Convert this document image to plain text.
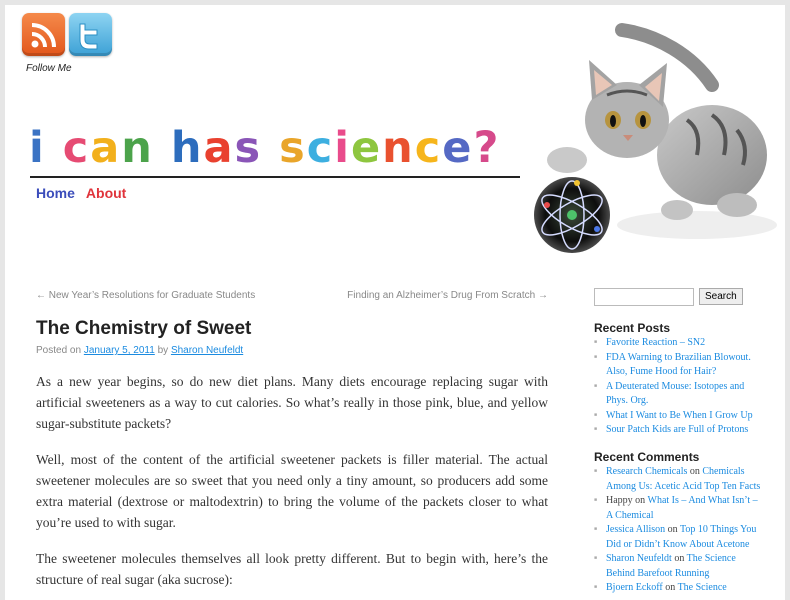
Follow Me
i
c a n
h a s
s c i e n c e ?
Home About
← New Year’s Resolutions for Graduate Students	Finding an Alzheimer’s Drug From Scratch →
The Chemistry of Sweet
Posted on January 5, 2011 by Sharon Neufeldt

As a new year begins, so do new diet plans. Many diets encourage replacing sugar with artificial sweeteners as a way to cut calories. So what’s really in those pink, blue, and yellow sugar-substitute packets?

Well, most of the content of the artificial sweetener packets is filler material. The actual sweetener molecules are so sweet that you need only a tiny amount, so producers add some extra material (dextrose or maltodextrin) to bring the volume of the packets closer to what you’re used to with sugar.

The sweetener molecules themselves all look pretty different. But to begin with, here’s the structure of real sugar (aka sucrose):

Search
Recent Posts
■ Favorite Reaction – SN2
■ FDA Warning to Brazilian Blowout. Also, Fume Hood for Hair?
■ A Deuterated Mouse: Isotopes and Phys. Org.
■ What I Want to Be When I Grow Up
■ Sour Patch Kids are Full of Protons
Recent Comments
■ Research Chemicals on Chemicals Among Us: Acetic Acid Top Ten Facts
■ Happy on What Is – And What Isn’t – A Chemical
■ Jessica Allison on Top 10 Things You Did or Didn’t Know About Acetone
■ Sharon Neufeldt on The Science Behind Barefoot Running
■ Bjoern Eckoff on The Science
